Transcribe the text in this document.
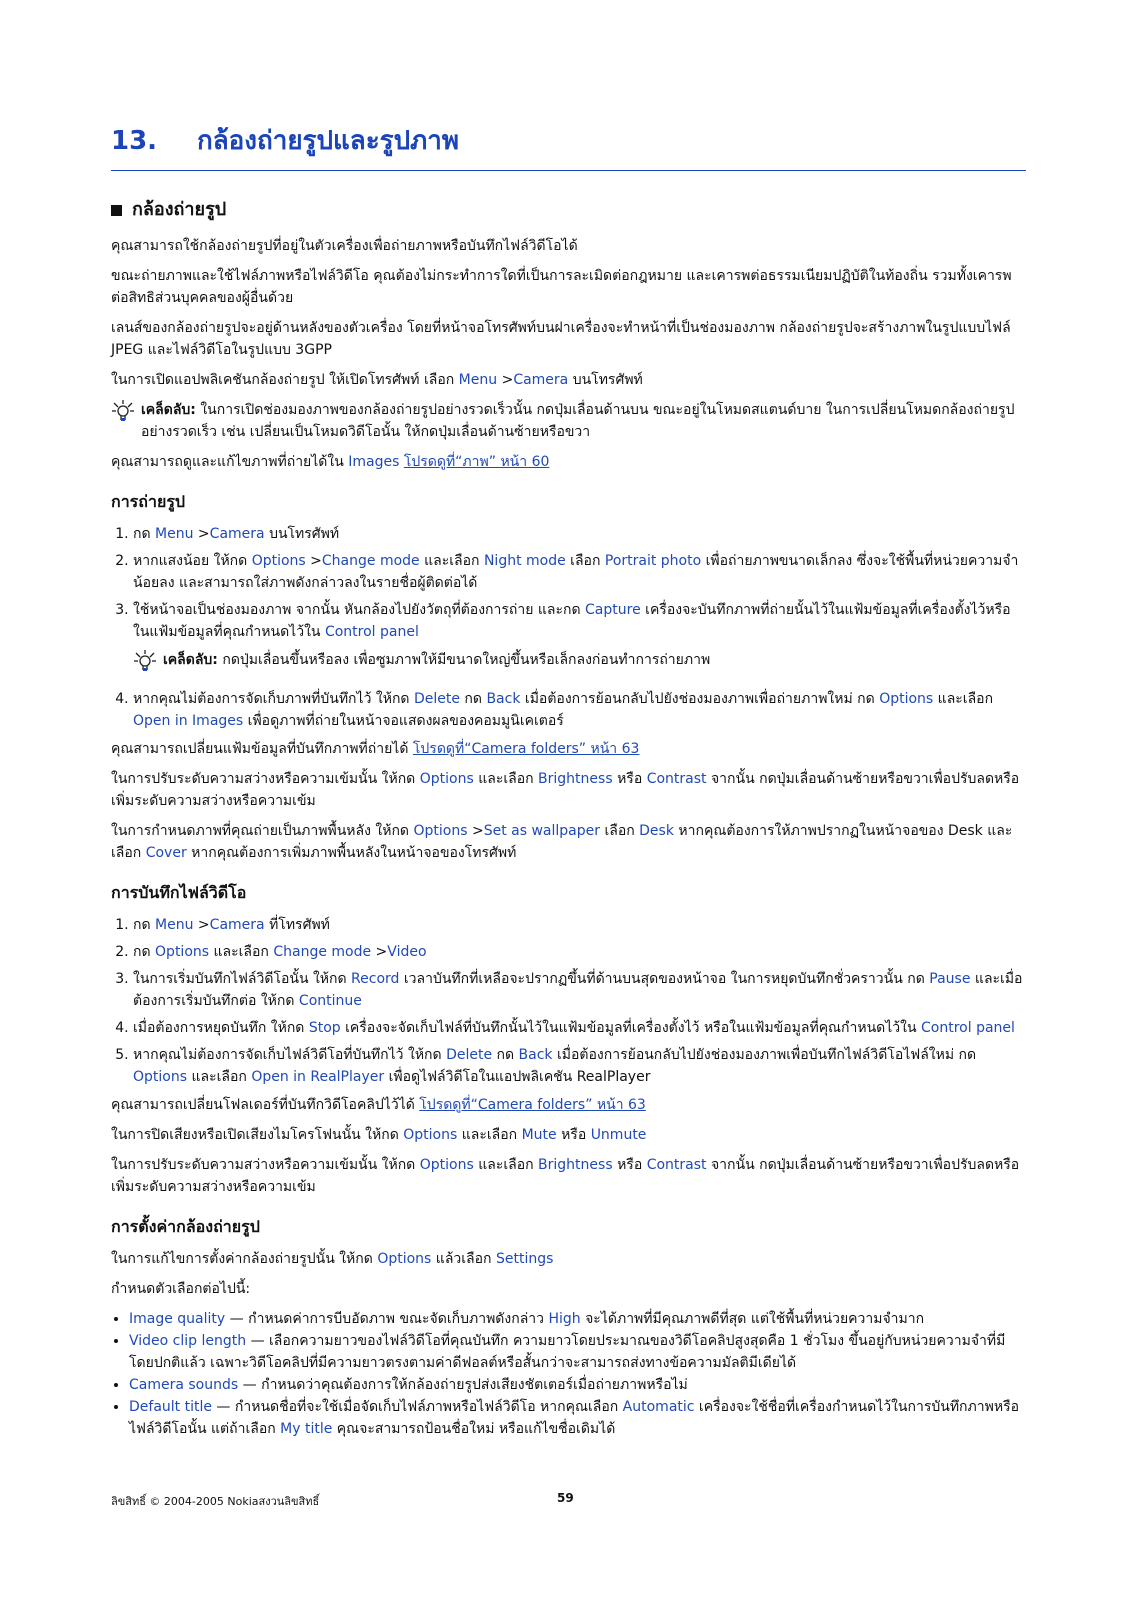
13.	กล้องถ่ายรูปและรูปภาพ
กล้องถ่ายรูป

คุณสามารถใช้กล้องถ่ายรูปที่อยู่ในตัวเครื่องเพื่อถ่ายภาพหรือบันทึกไฟล์วิดีโอได้

ขณะถ่ายภาพและใช้ไฟล์ภาพหรือไฟล์วิดีโอ คุณต้องไม่กระทำการใดที่เป็นการละเมิดต่อกฎหมาย และเคารพต่อธรรมเนียมปฏิบัติในท้องถิ่น รวมทั้งเคารพต่อสิทธิส่วนบุคคลของผู้อื่นด้วย

เลนส์ของกล้องถ่ายรูปจะอยู่ด้านหลังของตัวเครื่อง โดยที่หน้าจอโทรศัพท์บนฝาเครื่องจะทำหน้าที่เป็นช่องมองภาพ กล้องถ่ายรูปจะสร้างภาพในรูปแบบไฟล์ JPEG และไฟล์วิดีโอในรูปแบบ 3GPP

ในการเปิดแอปพลิเคชันกล้องถ่ายรูป ให้เปิดโทรศัพท์ เลือก Menu >Camera บนโทรศัพท์

เคล็ดลับ: ในการเปิดช่องมองภาพของกล้องถ่ายรูปอย่างรวดเร็วนั้น กดปุ่มเลื่อนด้านบน ขณะอยู่ในโหมดสแตนด์บาย ในการเปลี่ยนโหมดกล้องถ่ายรูปอย่างรวดเร็ว เช่น เปลี่ยนเป็นโหมดวิดีโอนั้น ให้กดปุ่มเลื่อนด้านซ้ายหรือขวา

คุณสามารถดูและแก้ไขภาพที่ถ่ายได้ใน Images โปรดดูที่“ภาพ” หน้า 60

การถ่ายรูป
1. กด Menu >Camera บนโทรศัพท์
2. หากแสงน้อย ให้กด Options >Change mode และเลือก Night mode เลือก Portrait photo เพื่อถ่ายภาพขนาดเล็กลง ซึ่งจะใช้พื้นที่หน่วยความจำน้อยลง และสามารถใส่ภาพดังกล่าวลงในรายชื่อผู้ติดต่อได้
3. ใช้หน้าจอเป็นช่องมองภาพ จากนั้น หันกล้องไปยังวัตถุที่ต้องการถ่าย และกด Capture เครื่องจะบันทึกภาพที่ถ่ายนั้นไว้ในแฟ้มข้อมูลที่เครื่องตั้งไว้หรือในแฟ้มข้อมูลที่คุณกำหนดไว้ใน Control panel
เคล็ดลับ: กดปุ่มเลื่อนขึ้นหรือลง เพื่อซูมภาพให้มีขนาดใหญ่ขึ้นหรือเล็กลงก่อนทำการถ่ายภาพ
4. หากคุณไม่ต้องการจัดเก็บภาพที่บันทึกไว้ ให้กด Delete กด Back เมื่อต้องการย้อนกลับไปยังช่องมองภาพเพื่อถ่ายภาพใหม่ กด Options และเลือก Open in Images เพื่อดูภาพที่ถ่ายในหน้าจอแสดงผลของคอมมูนิเคเตอร์

คุณสามารถเปลี่ยนแฟ้มข้อมูลที่บันทึกภาพที่ถ่ายได้ โปรดดูที่“Camera folders” หน้า 63

ในการปรับระดับความสว่างหรือความเข้มนั้น ให้กด Options และเลือก Brightness หรือ Contrast จากนั้น กดปุ่มเลื่อนด้านซ้ายหรือขวาเพื่อปรับลดหรือเพิ่มระดับความสว่างหรือความเข้ม

ในการกำหนดภาพที่คุณถ่ายเป็นภาพพื้นหลัง ให้กด Options >Set as wallpaper เลือก Desk หากคุณต้องการให้ภาพปรากฏในหน้าจอของ Desk และเลือก Cover หากคุณต้องการเพิ่มภาพพื้นหลังในหน้าจอของโทรศัพท์

การบันทึกไฟล์วิดีโอ
1. กด Menu >Camera ที่โทรศัพท์
2. กด Options และเลือก Change mode >Video
3. ในการเริ่มบันทึกไฟล์วิดีโอนั้น ให้กด Record เวลาบันทึกที่เหลือจะปรากฏขึ้นที่ด้านบนสุดของหน้าจอ ในการหยุดบันทึกชั่วคราวนั้น กด Pause และเมื่อต้องการเริ่มบันทึกต่อ ให้กด Continue
4. เมื่อต้องการหยุดบันทึก ให้กด Stop เครื่องจะจัดเก็บไฟล์ที่บันทึกนั้นไว้ในแฟ้มข้อมูลที่เครื่องตั้งไว้ หรือในแฟ้มข้อมูลที่คุณกำหนดไว้ใน Control panel
5. หากคุณไม่ต้องการจัดเก็บไฟล์วิดีโอที่บันทึกไว้ ให้กด Delete กด Back เมื่อต้องการย้อนกลับไปยังช่องมองภาพเพื่อบันทึกไฟล์วิดีโอไฟล์ใหม่ กด Options และเลือก Open in RealPlayer เพื่อดูไฟล์วิดีโอในแอปพลิเคชัน RealPlayer

คุณสามารถเปลี่ยนโฟลเดอร์ที่บันทึกวิดีโอคลิปไว้ได้ โปรดดูที่“Camera folders” หน้า 63

ในการปิดเสียงหรือเปิดเสียงไมโครโฟนนั้น ให้กด Options และเลือก Mute หรือ Unmute

ในการปรับระดับความสว่างหรือความเข้มนั้น ให้กด Options และเลือก Brightness หรือ Contrast จากนั้น กดปุ่มเลื่อนด้านซ้ายหรือขวาเพื่อปรับลดหรือเพิ่มระดับความสว่างหรือความเข้ม

การตั้งค่ากล้องถ่ายรูป

ในการแก้ไขการตั้งค่ากล้องถ่ายรูปนั้น ให้กด Options แล้วเลือก Settings

กำหนดตัวเลือกต่อไปนี้:

• Image quality — กำหนดค่าการบีบอัดภาพ ขณะจัดเก็บภาพดังกล่าว High จะได้ภาพที่มีคุณภาพดีที่สุด แต่ใช้พื้นที่หน่วยความจำมาก
• Video clip length — เลือกความยาวของไฟล์วิดีโอที่คุณบันทึก ความยาวโดยประมาณของวิดีโอคลิปสูงสุดคือ 1 ชั่วโมง ขึ้นอยู่กับหน่วยความจำที่มี โดยปกติแล้ว เฉพาะวิดีโอคลิปที่มีความยาวตรงตามค่าดีฟอลต์หรือสั้นกว่าจะสามารถส่งทางข้อความมัลติมีเดียได้
• Camera sounds — กำหนดว่าคุณต้องการให้กล้องถ่ายรูปส่งเสียงชัตเตอร์เมื่อถ่ายภาพหรือไม่
• Default title — กำหนดชื่อที่จะใช้เมื่อจัดเก็บไฟล์ภาพหรือไฟล์วิดีโอ หากคุณเลือก Automatic เครื่องจะใช้ชื่อที่เครื่องกำหนดไว้ในการบันทึกภาพหรือไฟล์วิดีโอนั้น แต่ถ้าเลือก My title คุณจะสามารถป้อนชื่อใหม่ หรือแก้ไขชื่อเดิมได้
ลิขสิทธิ์ © 2004-2005 Nokiaสงวนลิขสิทธิ์	59
